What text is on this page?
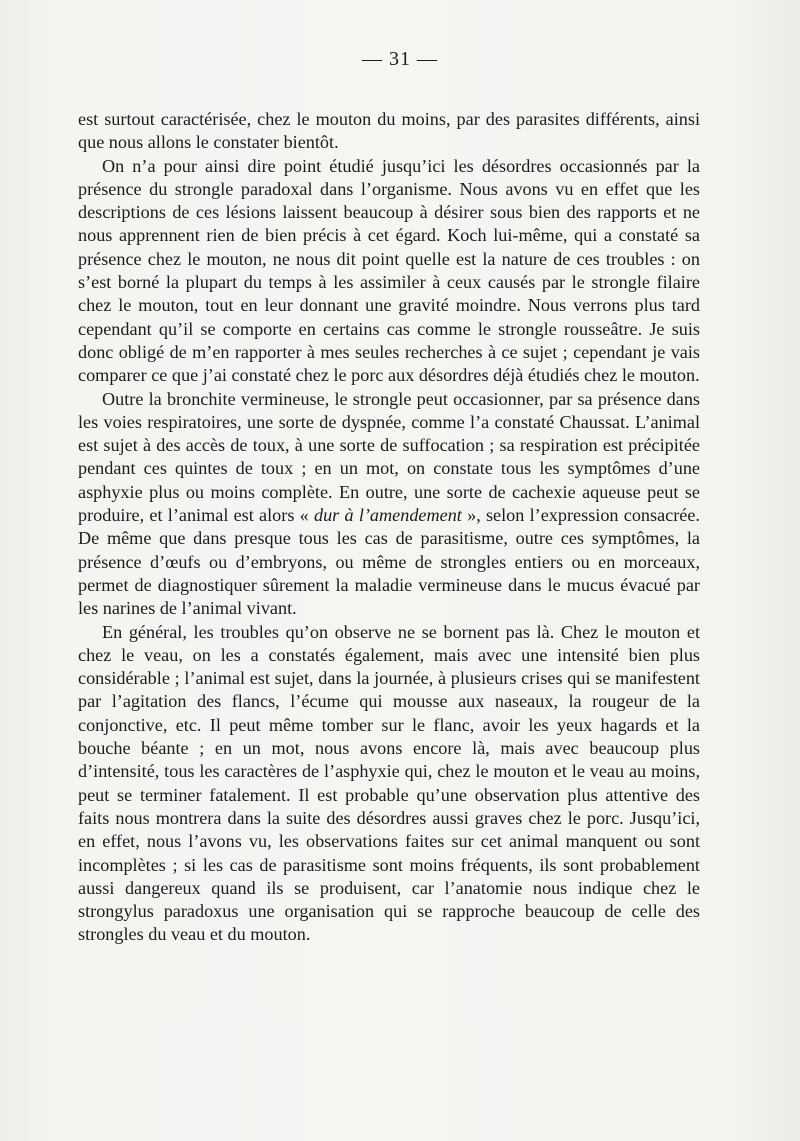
— 31 —

est surtout caractérisée, chez le mouton du moins, par des parasites différents, ainsi que nous allons le constater bientôt.

On n’a pour ainsi dire point étudié jusqu’ici les désordres occasionnés par la présence du strongle paradoxal dans l’organisme. Nous avons vu en effet que les descriptions de ces lésions laissent beaucoup à désirer sous bien des rapports et ne nous apprennent rien de bien précis à cet égard. Koch lui-même, qui a constaté sa présence chez le mouton, ne nous dit point quelle est la nature de ces troubles : on s’est borné la plupart du temps à les assimiler à ceux causés par le strongle filaire chez le mouton, tout en leur donnant une gravité moindre. Nous verrons plus tard cependant qu’il se comporte en certains cas comme le strongle rousseâtre. Je suis donc obligé de m’en rapporter à mes seules recherches à ce sujet ; cependant je vais comparer ce que j’ai constaté chez le porc aux désordres déjà étudiés chez le mouton.

Outre la bronchite vermineuse, le strongle peut occasionner, par sa présence dans les voies respiratoires, une sorte de dyspnée, comme l’a constaté Chaussat. L’animal est sujet à des accès de toux, à une sorte de suffocation ; sa respiration est précipitée pendant ces quintes de toux ; en un mot, on constate tous les symptômes d’une asphyxie plus ou moins complète. En outre, une sorte de cachexie aqueuse peut se produire, et l’animal est alors « dur à l’amendement », selon l’expression consacrée. De même que dans presque tous les cas de parasitisme, outre ces symptômes, la présence d’œufs ou d’embryons, ou même de strongles entiers ou en morceaux, permet de diagnostiquer sûrement la maladie vermineuse dans le mucus évacué par les narines de l’animal vivant.

En général, les troubles qu’on observe ne se bornent pas là. Chez le mouton et chez le veau, on les a constatés également, mais avec une intensité bien plus considérable ; l’animal est sujet, dans la journée, à plusieurs crises qui se manifestent par l’agitation des flancs, l’écume qui mousse aux naseaux, la rougeur de la conjonctive, etc. Il peut même tomber sur le flanc, avoir les yeux hagards et la bouche béante ; en un mot, nous avons encore là, mais avec beaucoup plus d’intensité, tous les caractères de l’asphyxie qui, chez le mouton et le veau au moins, peut se terminer fatalement. Il est probable qu’une observation plus attentive des faits nous montrera dans la suite des désordres aussi graves chez le porc. Jusqu’ici, en effet, nous l’avons vu, les observations faites sur cet animal manquent ou sont incomplètes ; si les cas de parasitisme sont moins fréquents, ils sont probablement aussi dangereux quand ils se produisent, car l’anatomie nous indique chez le strongylus paradoxus une organisation qui se rapproche beaucoup de celle des strongles du veau et du mouton.
